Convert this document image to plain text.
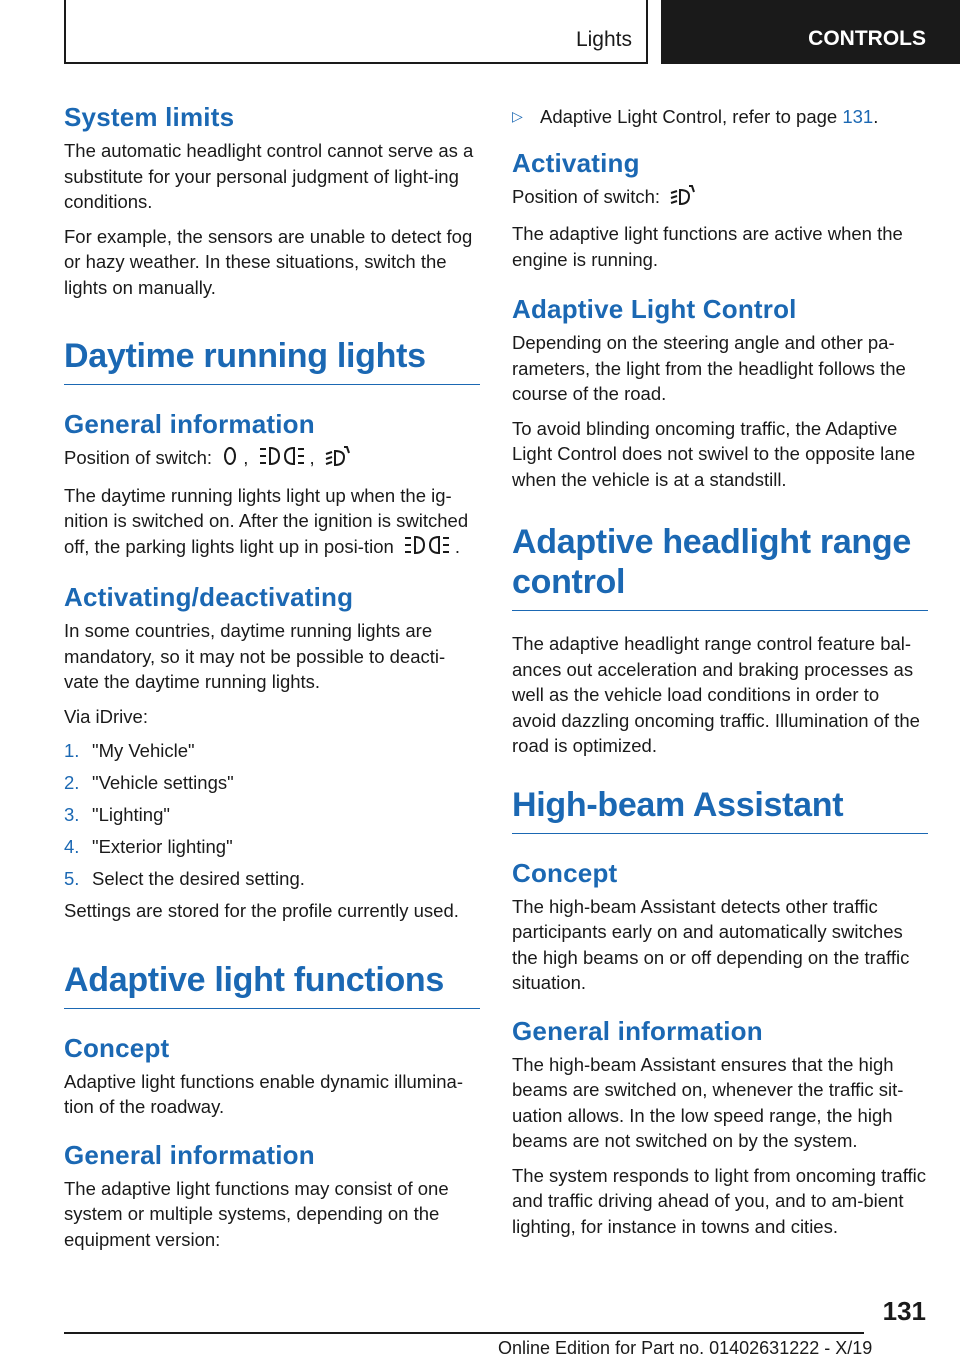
Lights	CONTROLS
System limits

The automatic headlight control cannot serve as a substitute for your personal judgment of light‐ing conditions.

For example, the sensors are unable to detect fog or hazy weather. In these situations, switch the lights on manually.

Daytime running lights
General information

Position of switch: ,	,

The daytime running lights light up when the ig‐nition is switched on. After the ignition is switched off, the parking lights light up in posi‐tion	.

Activating/deactivating

In some countries, daytime running lights are mandatory, so it may not be possible to deacti‐vate the daytime running lights.

Via iDrive:

1. "My Vehicle"
2. "Vehicle settings"
3. "Lighting"
4. "Exterior lighting"
5. Select the desired setting.

Settings are stored for the profile currently used.

Adaptive light functions
Concept

Adaptive light functions enable dynamic illumina‐tion of the roadway.

General information

The adaptive light functions may consist of one system or multiple systems, depending on the equipment version:

▷ Adaptive Light Control, refer to page 131.
Activating

Position of switch:

The adaptive light functions are active when the engine is running.

Adaptive Light Control

Depending on the steering angle and other pa‐rameters, the light from the headlight follows the course of the road.

To avoid blinding oncoming traffic, the Adaptive Light Control does not swivel to the opposite lane when the vehicle is at a standstill.

Adaptive headlight range control

The adaptive headlight range control feature bal‐ances out acceleration and braking processes as well as the vehicle load conditions in order to avoid dazzling oncoming traffic. Illumination of the road is optimized.

High-beam Assistant
Concept

The high-beam Assistant detects other traffic participants early on and automatically switches the high beams on or off depending on the traffic situation.

General information

The high-beam Assistant ensures that the high beams are switched on, whenever the traffic sit‐uation allows. In the low speed range, the high beams are not switched on by the system.

The system responds to light from oncoming traffic and traffic driving ahead of you, and to am‐bient lighting, for instance in towns and cities.

131
Online Edition for Part no. 01402631222 - X/19
